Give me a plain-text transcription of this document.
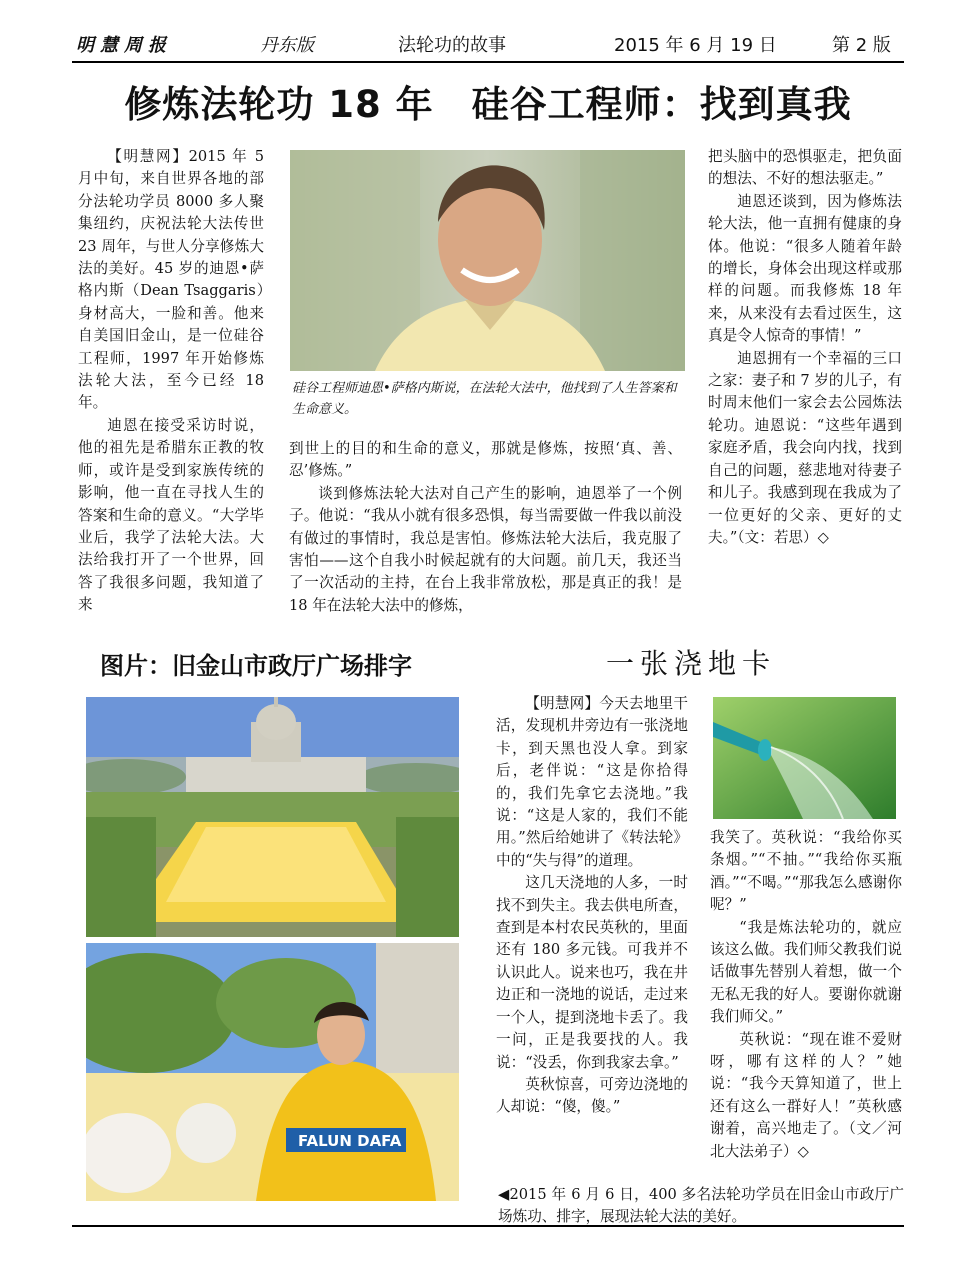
明慧周报	丹东版	法轮功的故事	2015 年 6 月 19 日	第 2 版
修炼法轮功 18 年　硅谷工程师：找到真我

【明慧网】2015 年 5 月中旬，来自世界各地的部分法轮功学员 8000 多人聚集纽约，庆祝法轮大法传世 23 周年，与世人分享修炼大法的美好。45 岁的迪恩•萨格内斯（Dean Tsaggaris）身材高大，一脸和善。他来自美国旧金山，是一位硅谷工程师，1997 年开始修炼法轮大法，至今已经 18 年。

迪恩在接受采访时说，他的祖先是希腊东正教的牧师，或许是受到家族传统的影响，他一直在寻找人生的答案和生命的意义。“大学毕业后，我学了法轮大法。大法给我打开了一个世界，回答了我很多问题，我知道了来

硅谷工程师迪恩•萨格内斯说，在法轮大法中，他找到了人生答案和生命意义。

到世上的目的和生命的意义，那就是修炼，按照‘真、善、忍’修炼。”

谈到修炼法轮大法对自己产生的影响，迪恩举了一个例子。他说：“我从小就有很多恐惧，每当需要做一件我以前没有做过的事情时，我总是害怕。修炼法轮大法后，我克服了害怕——这个自我小时候起就有的大问题。前几天，我还当了一次活动的主持，在台上我非常放松，那是真正的我！是 18 年在法轮大法中的修炼，

把头脑中的恐惧驱走，把负面的想法、不好的想法驱走。”

迪恩还谈到，因为修炼法轮大法，他一直拥有健康的身体。他说：“很多人随着年龄的增长，身体会出现这样或那样的问题。而我修炼 18 年来，从来没有去看过医生，这真是令人惊奇的事情！”

迪恩拥有一个幸福的三口之家：妻子和 7 岁的儿子，有时周末他们一家会去公园炼法轮功。迪恩说：“这些年遇到家庭矛盾，我会向内找，找到自己的问题，慈悲地对待妻子和儿子。我感到现在我成为了一位更好的父亲、更好的丈夫。”（文：若思）◇

图片：旧金山市政厅广场排字
FALUN DAFA
◀2015 年 6 月 6 日，400 多名法轮功学员在旧金山市政厅广场炼功、排字，展现法轮大法的美好。
一张浇地卡

【明慧网】今天去地里干活，发现机井旁边有一张浇地卡，到天黑也没人拿。到家后，老伴说：“这是你拾得的，我们先拿它去浇地。”我说：“这是人家的，我们不能用。”然后给她讲了《转法轮》中的“失与得”的道理。

这几天浇地的人多，一时找不到失主。我去供电所查，查到是本村农民英秋的，里面还有 180 多元钱。可我并不认识此人。说来也巧，我在井边正和一浇地的说话，走过来一个人，提到浇地卡丢了。我一问，正是我要找的人。我说：“没丢，你到我家去拿。”

英秋惊喜，可旁边浇地的人却说：“傻，傻。”

我笑了。英秋说：“我给你买条烟。”“不抽。”“我给你买瓶酒。”“不喝。”“那我怎么感谢你呢？”

“我是炼法轮功的，就应该这么做。我们师父教我们说话做事先替别人着想，做一个无私无我的好人。要谢你就谢我们师父。”

英秋说：“现在谁不爱财呀，哪有这样的人？”她说：“我今天算知道了，世上还有这么一群好人！”英秋感谢着，高兴地走了。（文／河北大法弟子）◇
